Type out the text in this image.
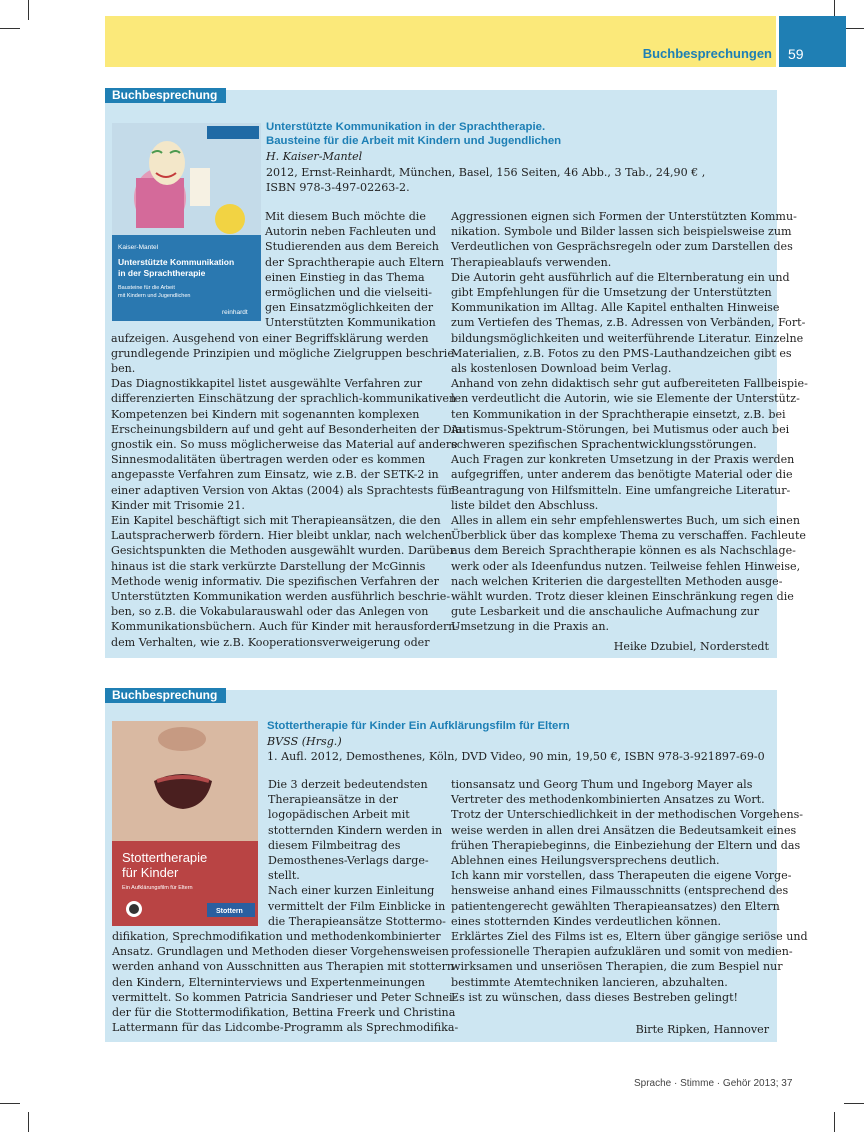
Buchbesprechungen 59
Buchbesprechung
Kaiser-Mantel
Unterstützte Kommunikation
in der Sprachtherapie
Bausteine für die Arbeit
mit Kindern und Jugendlichen
reinhardt
Unterstützte Kommunikation in der Sprachtherapie.
Bausteine für die Arbeit mit Kindern und Jugendlichen
H. Kaiser-Mantel
2012, Ernst-Reinhardt, München, Basel, 156 Seiten, 46 Abb., 3 Tab., 24,90 € ,
ISBN 978-3-497-02263-2.
Mit diesem Buch möchte die
Autorin neben Fachleuten und
Studierenden aus dem Bereich
der Sprachtherapie auch Eltern
einen Einstieg in das Thema
ermöglichen und die vielseiti-
gen Einsatzmöglichkeiten der
Unterstützten Kommunikation
aufzeigen. Ausgehend von einer Begriffsklärung werden
grundlegende Prinzipien und mögliche Zielgruppen beschrie-
ben.
Das Diagnostikkapitel listet ausgewählte Verfahren zur
differenzierten Einschätzung der sprachlich-kommunikativen
Kompetenzen bei Kindern mit sogenannten komplexen
Erscheinungsbildern auf und geht auf Besonderheiten der Dia-
gnostik ein. So muss möglicherweise das Material auf andere
Sinnesmodalitäten übertragen werden oder es kommen
angepasste Verfahren zum Einsatz, wie z.B. der SETK-2 in
einer adaptiven Version von Aktas (2004) als Sprachtests für
Kinder mit Trisomie 21.
Ein Kapitel beschäftigt sich mit Therapieansätzen, die den
Lautspracherwerb fördern. Hier bleibt unklar, nach welchen
Gesichtspunkten die Methoden ausgewählt wurden. Darüber
hinaus ist die stark verkürzte Darstellung der McGinnis
Methode wenig informativ. Die spezifischen Verfahren der
Unterstützten Kommunikation werden ausführlich beschrie-
ben, so z.B. die Vokabularauswahl oder das Anlegen von
Kommunikationsbüchern. Auch für Kinder mit herausfordern-
dem Verhalten, wie z.B. Kooperationsverweigerung oder
Aggressionen eignen sich Formen der Unterstützten Kommu-
nikation. Symbole und Bilder lassen sich beispielsweise zum
Verdeutlichen von Gesprächsregeln oder zum Darstellen des
Therapieablaufs verwenden.
Die Autorin geht ausführlich auf die Elternberatung ein und
gibt Empfehlungen für die Umsetzung der Unterstützten
Kommunikation im Alltag. Alle Kapitel enthalten Hinweise
zum Vertiefen des Themas, z.B. Adressen von Verbänden, Fort-
bildungsmöglichkeiten und weiterführende Literatur. Einzelne
Materialien, z.B. Fotos zu den PMS-Lauthandzeichen gibt es
als kostenlosen Download beim Verlag.
Anhand von zehn didaktisch sehr gut aufbereiteten Fallbeispie-
len verdeutlicht die Autorin, wie sie Elemente der Unterstütz-
ten Kommunikation in der Sprachtherapie einsetzt, z.B. bei
Autismus-Spektrum-Störungen, bei Mutismus oder auch bei
schweren spezifischen Sprachentwicklungsstörungen.
Auch Fragen zur konkreten Umsetzung in der Praxis werden
aufgegriffen, unter anderem das benötigte Material oder die
Beantragung von Hilfsmitteln. Eine umfangreiche Literatur-
liste bildet den Abschluss.
Alles in allem ein sehr empfehlenswertes Buch, um sich einen
Überblick über das komplexe Thema zu verschaffen. Fachleute
aus dem Bereich Sprachtherapie können es als Nachschlage-
werk oder als Ideenfundus nutzen. Teilweise fehlen Hinweise,
nach welchen Kriterien die dargestellten Methoden ausge-
wählt wurden. Trotz dieser kleinen Einschränkung regen die
gute Lesbarkeit und die anschauliche Aufmachung zur
Umsetzung in die Praxis an.
Heike Dzubiel, Norderstedt
Buchbesprechung
Stottertherapie
für Kinder
Ein Aufklärungsfilm für Eltern
Stottern
Stottertherapie für Kinder Ein Aufklärungsfilm für Eltern
BVSS (Hrsg.)
1. Aufl. 2012, Demosthenes, Köln, DVD Video, 90 min, 19,50 €, ISBN 978-3-921897-69-0
Die 3 derzeit bedeutendsten
Therapieansätze in der
logopädischen Arbeit mit
stotternden Kindern werden in
diesem Filmbeitrag des
Demosthenes-Verlags darge-
stellt.
Nach einer kurzen Einleitung
vermittelt der Film Einblicke in
die Therapieansätze Stottermo-
difikation, Sprechmodifikation und methodenkombinierter
Ansatz. Grundlagen und Methoden dieser Vorgehensweisen
werden anhand von Ausschnitten aus Therapien mit stottern-
den Kindern, Elterninterviews und Expertenmeinungen
vermittelt. So kommen Patricia Sandrieser und Peter Schnei-
der für die Stottermodifikation, Bettina Freerk und Christina
Lattermann für das Lidcombe-Programm als Sprechmodifika-
tionsansatz und Georg Thum und Ingeborg Mayer als
Vertreter des methodenkombinierten Ansatzes zu Wort.
Trotz der Unterschiedlichkeit in der methodischen Vorgehens-
weise werden in allen drei Ansätzen die Bedeutsamkeit eines
frühen Therapiebeginns, die Einbeziehung der Eltern und das
Ablehnen eines Heilungsversprechens deutlich.
Ich kann mir vorstellen, dass Therapeuten die eigene Vorge-
hensweise anhand eines Filmausschnitts (entsprechend des
patientengerecht gewählten Therapieansatzes) den Eltern
eines stotternden Kindes verdeutlichen können.
Erklärtes Ziel des Films ist es, Eltern über gängige seriöse und
professionelle Therapien aufzuklären und somit von medien-
wirksamen und unseriösen Therapien, die zum Bespiel nur
bestimmte Atemtechniken lancieren, abzuhalten.
Es ist zu wünschen, dass dieses Bestreben gelingt!
Birte Ripken, Hannover
Sprache · Stimme · Gehör 2013; 37
